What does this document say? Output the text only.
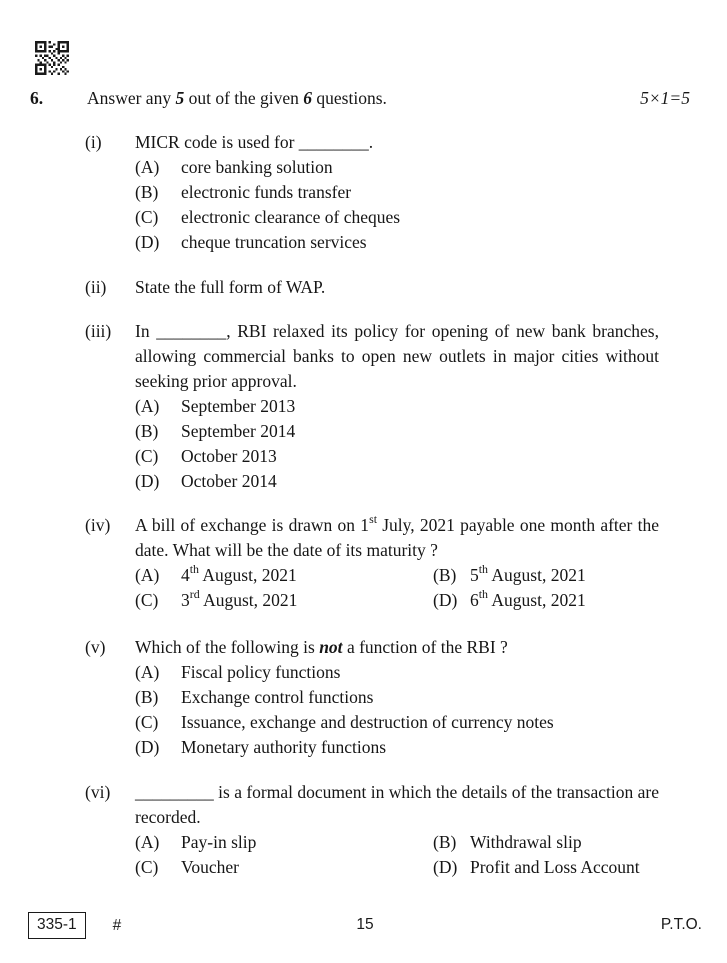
6.	Answer any 5 out of the given 6 questions.	5×1=5
(i)	MICR code is used for ________.

(A)	core banking solution
(B)	electronic funds transfer
(C)	electronic clearance of cheques
(D)	cheque truncation services
(ii)	State the full form of WAP.

(iii)	In ________, RBI relaxed its policy for opening of new bank branches, allowing commercial banks to open new outlets in major cities without seeking prior approval.

(A)	September 2013
(B)	September 2014
(C)	October 2013
(D)	October 2014
(iv)	A bill of exchange is drawn on 1st July, 2021 payable one month after the date. What will be the date of its maturity ?

(A)	4th August, 2021	(B) 5th August, 2021
(C)	3rd August, 2021	(D) 6th August, 2021
(v)	Which of the following is not a function of the RBI ?

(A)	Fiscal policy functions
(B)	Exchange control functions
(C)	Issuance, exchange and destruction of currency notes
(D)	Monetary authority functions
(vi)	_________ is a formal document in which the details of the transaction are recorded.

(A)	Pay-in slip	(B) Withdrawal slip
(C)	Voucher	(D) Profit and Loss Account
335-1	#	15	P.T.O.
